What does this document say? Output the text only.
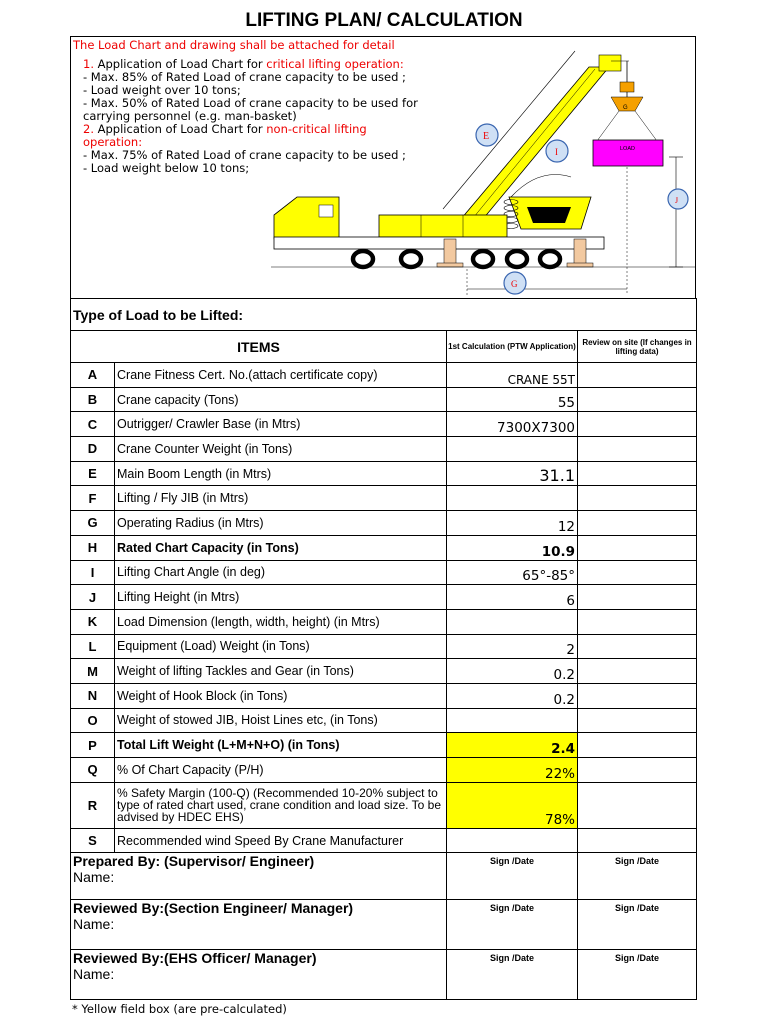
LIFTING PLAN/ CALCULATION
The Load Chart and drawing shall be attached for detail
1. Application of Load Chart for critical lifting operation:
- Max. 85% of Rated Load of crane capacity to be used ;
- Load weight over 10 tons;
- Max. 50% of Rated Load of crane capacity to be used for carrying personnel (e.g. man-basket)
2. Application of Load Chart for non-critical lifting operation:
- Max. 75% of Rated Load of crane capacity to be used ;
- Load weight below 10 tons;
G
LOAD
E
I
J
G
Type of Load to be Lifted:			
ITEMS		1st Calculation (PTW Application)	Review on site (If changes in lifting data)
A	Crane Fitness Cert. No.(attach certificate copy)	CRANE 55T	
B	Crane capacity (Tons)	55	
C	Outrigger/ Crawler Base (in Mtrs)	7300X7300	
D	Crane Counter Weight (in Tons)		
E	Main Boom Length (in Mtrs)	31.1	
F	Lifting / Fly JIB (in Mtrs)		
G	Operating Radius (in Mtrs)	12	
H	Rated Chart Capacity (in Tons)	10.9	
I	Lifting Chart Angle (in deg)	65°-85°	
J	Lifting Height (in Mtrs)	6	
K	Load Dimension (length, width, height) (in Mtrs)		
L	Equipment (Load) Weight (in Tons)	2	
M	Weight of lifting Tackles and Gear (in Tons)	0.2	
N	Weight of Hook Block (in Tons)	0.2	
O	Weight of stowed JIB, Hoist Lines etc, (in Tons)		
P	Total Lift Weight (L+M+N+O) (in Tons)	2.4	
Q	% Of Chart Capacity (P/H)	22%	
R	% Safety Margin (100-Q) (Recommended 10-20% subject to type of rated chart used, crane condition and load size. To be advised by HDEC EHS)	78%	
S	Recommended wind Speed By Crane Manufacturer		

Prepared By: (Supervisor/ Engineer)
Name:		Sign /Date	Sign /Date

Reviewed By:(Section Engineer/ Manager)
Name:		Sign /Date	Sign /Date

Reviewed By:(EHS Officer/ Manager)
Name:		Sign /Date	Sign /Date
* Yellow field box (are pre-calculated)
